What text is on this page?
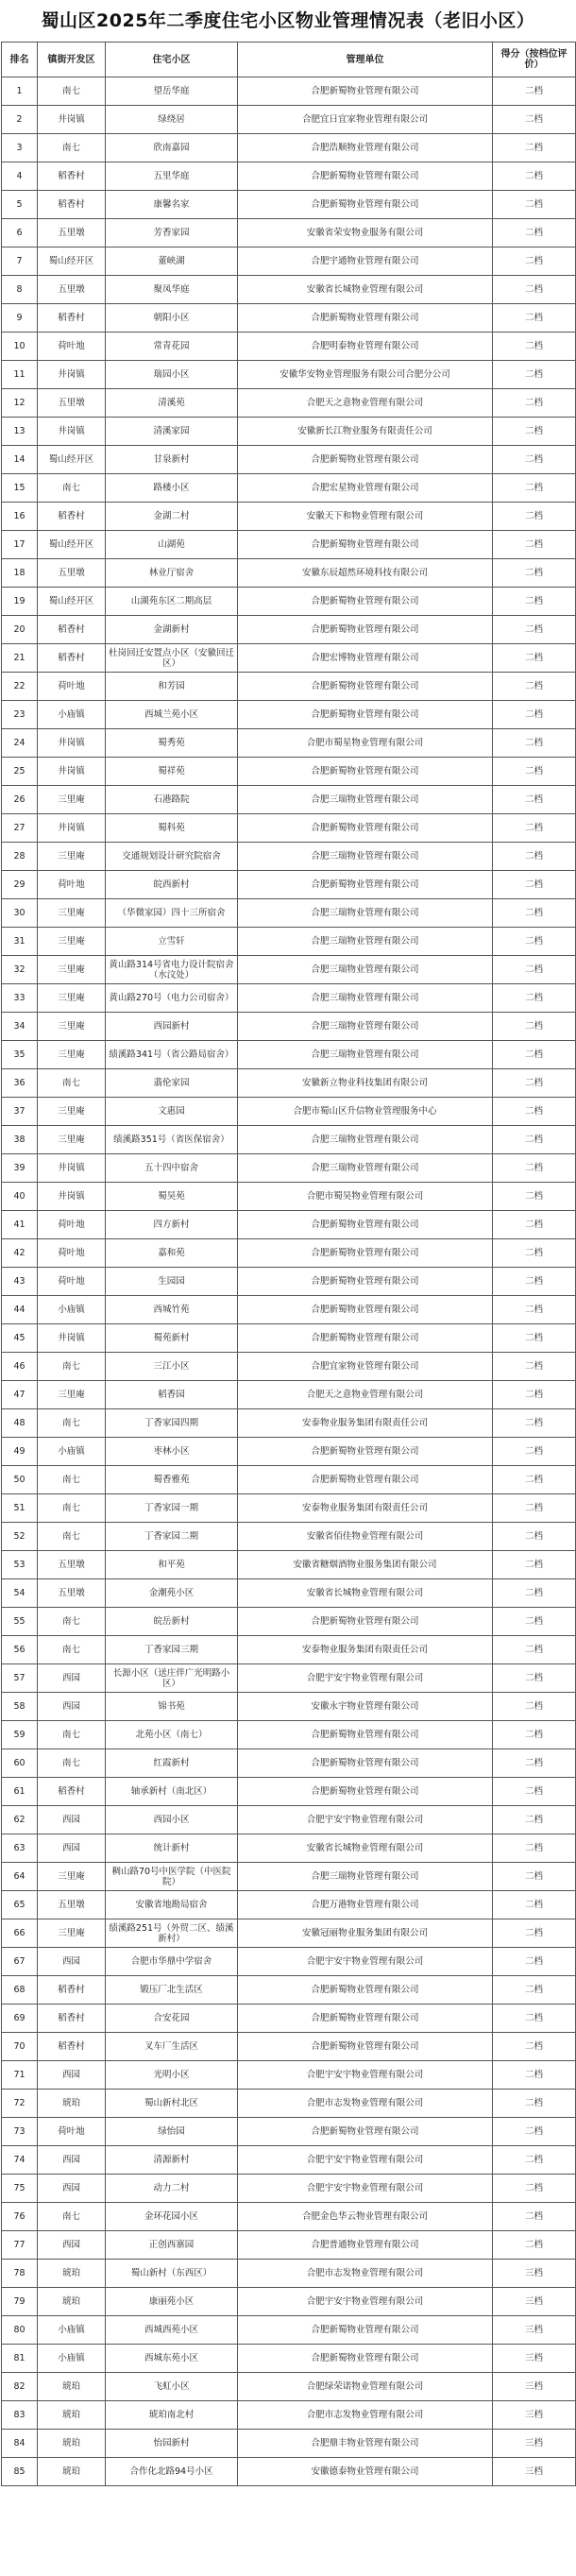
蜀山区2025年二季度住宅小区物业管理情况表（老旧小区）
排名	镇街开发区	住宅小区	管理单位	得分（按档位评价）
1	南七	望岳华庭	合肥新蜀物业管理有限公司	二档
2	井岗镇	绿绕居	合肥宜日宜家物业管理有限公司	二档
3	南七	欣南嘉园	合肥浩顺物业管理有限公司	二档
4	稻香村	五里华庭	合肥新蜀物业管理有限公司	二档
5	稻香村	康馨名家	合肥新蜀物业管理有限公司	二档
6	五里墩	芳香家园	安徽省荣安物业服务有限公司	二档
7	蜀山经开区	董峡湖	合肥宇通物业管理有限公司	二档
8	五里墩	聚凤华庭	安徽省长城物业管理有限公司	二档
9	稻香村	朝阳小区	合肥新蜀物业管理有限公司	二档
10	荷叶地	常青花园	合肥明泰物业管理有限公司	二档
11	井岗镇	瑞园小区	安徽华安物业管理服务有限公司合肥分公司	二档
12	五里墩	清溪苑	合肥天之意物业管理有限公司	二档
13	井岗镇	清溪家园	安徽新长江物业服务有限责任公司	二档
14	蜀山经开区	甘泉新村	合肥新蜀物业管理有限公司	二档
15	南七	路楼小区	合肥宏星物业管理有限公司	二档
16	稻香村	金湖二村	安徽天下和物业管理有限公司	二档
17	蜀山经开区	山湖苑	合肥新蜀物业管理有限公司	二档
18	五里墩	林业厅宿舍	安徽东辰超然环境科技有限公司	二档
19	蜀山经开区	山湖苑东区二期高层	合肥新蜀物业管理有限公司	二档
20	稻香村	金湖新村	合肥新蜀物业管理有限公司	二档
21	稻香村	杜岗回迁安置点小区（安徽回迁区）	合肥宏博物业管理有限公司	二档
22	荷叶地	和芳园	合肥新蜀物业管理有限公司	二档
23	小庙镇	西城兰苑小区	合肥新蜀物业管理有限公司	二档
24	井岗镇	蜀秀苑	合肥市蜀星物业管理有限公司	二档
25	井岗镇	蜀祥苑	合肥新蜀物业管理有限公司	二档
26	三里庵	石港路院	合肥三瑞物业管理有限公司	二档
27	井岗镇	蜀科苑	合肥新蜀物业管理有限公司	二档
28	三里庵	交通规划设计研究院宿舍	合肥三瑞物业管理有限公司	二档
29	荷叶地	皖西新村	合肥新蜀物业管理有限公司	二档
30	三里庵	（华微家园）四十三所宿舍	合肥三瑞物业管理有限公司	二档
31	三里庵	立雪轩	合肥三瑞物业管理有限公司	二档
32	三里庵	黄山路314号省电力设计院宿舍（水汶处）	合肥三瑞物业管理有限公司	二档
33	三里庵	黄山路270号（电力公司宿舍）	合肥三瑞物业管理有限公司	二档
34	三里庵	西园新村	合肥三瑞物业管理有限公司	二档
35	三里庵	绩溪路341号（省公路局宿舍）	合肥三瑞物业管理有限公司	二档
36	南七	翡伦家园	安徽新立物业科技集团有限公司	二档
37	三里庵	文惠园	合肥市蜀山区升信物业管理服务中心	二档
38	三里庵	绩溪路351号（省医保宿舍）	合肥三瑞物业管理有限公司	二档
39	井岗镇	五十四中宿舍	合肥三瑞物业管理有限公司	二档
40	井岗镇	蜀昊苑	合肥市蜀昊物业管理有限公司	二档
41	荷叶地	四方新村	合肥新蜀物业管理有限公司	二档
42	荷叶地	嘉和苑	合肥新蜀物业管理有限公司	二档
43	荷叶地	生园园	合肥新蜀物业管理有限公司	二档
44	小庙镇	西城竹苑	合肥新蜀物业管理有限公司	二档
45	井岗镇	蜀苑新村	合肥新蜀物业管理有限公司	二档
46	南七	三江小区	合肥宜家物业管理有限公司	二档
47	三里庵	稻香园	合肥天之意物业管理有限公司	二档
48	南七	丁香家园四期	安泰物业服务集团有限责任公司	二档
49	小庙镇	枣林小区	合肥新蜀物业管理有限公司	二档
50	南七	蜀香雅苑	合肥新蜀物业管理有限公司	二档
51	南七	丁香家园一期	安泰物业服务集团有限责任公司	二档
52	南七	丁香家园二期	安徽省佰佳物业管理有限公司	二档
53	五里墩	和平苑	安徽省糖烟酒物业服务集团有限公司	二档
54	五里墩	金潮苑小区	安徽省长城物业管理有限公司	二档
55	南七	皖岳新村	合肥新蜀物业管理有限公司	二档
56	南七	丁香家园三期	安泰物业服务集团有限责任公司	二档
57	西园	长源小区（送庄伴广光明路小区）	合肥宇安宇物业管理有限公司	二档
58	西园	锦书苑	安徽永宇物业管理有限公司	二档
59	南七	北苑小区（南七）	合肥新蜀物业管理有限公司	二档
60	南七	红霞新村	合肥新蜀物业管理有限公司	二档
61	稻香村	轴承新村（南北区）	合肥新蜀物业管理有限公司	二档
62	西园	西园小区	合肥宇安宇物业管理有限公司	二档
63	西园	统计新村	安徽省长城物业管理有限公司	二档
64	三里庵	稠山路70号中医学院（中医院院）	合肥三瑞物业管理有限公司	二档
65	五里墩	安徽省地勘局宿舍	合肥万港物业管理有限公司	二档
66	三里庵	绩溪路251号（外贸二区、绩溪新村）	安徽冠丽物业服务集团有限公司	二档
67	西园	合肥市华鼎中学宿舍	合肥宇安宇物业管理有限公司	二档
68	稻香村	锻压厂北生活区	合肥新蜀物业管理有限公司	二档
69	稻香村	合安花园	合肥新蜀物业管理有限公司	二档
70	稻香村	叉车厂生活区	合肥新蜀物业管理有限公司	二档
71	西园	光明小区	合肥宇安宇物业管理有限公司	二档
72	琥珀	蜀山新村北区	合肥市志发物业管理有限公司	二档
73	荷叶地	绿怡园	合肥新蜀物业管理有限公司	二档
74	西园	清源新村	合肥宇安宇物业管理有限公司	二档
75	西园	动力二村	合肥宇安宇物业管理有限公司	二档
76	南七	金环花园小区	合肥金色华云物业管理有限公司	二档
77	西园	正创西寨园	合肥普通物业管理有限公司	二档
78	琥珀	蜀山新村（东西区）	合肥市志发物业管理有限公司	三档
79	琥珀	康丽苑小区	合肥宇安宇物业管理有限公司	三档
80	小庙镇	西城西苑小区	合肥新蜀物业管理有限公司	三档
81	小庙镇	西城东苑小区	合肥新蜀物业管理有限公司	三档
82	琥珀	飞虹小区	合肥绿荣诺物业管理有限公司	三档
83	琥珀	琥珀南北村	合肥市志发物业管理有限公司	三档
84	琥珀	怡园新村	合肥鼎丰物业管理有限公司	三档
85	琥珀	合作化北路94号小区	安徽德泰物业管理有限公司	三档
